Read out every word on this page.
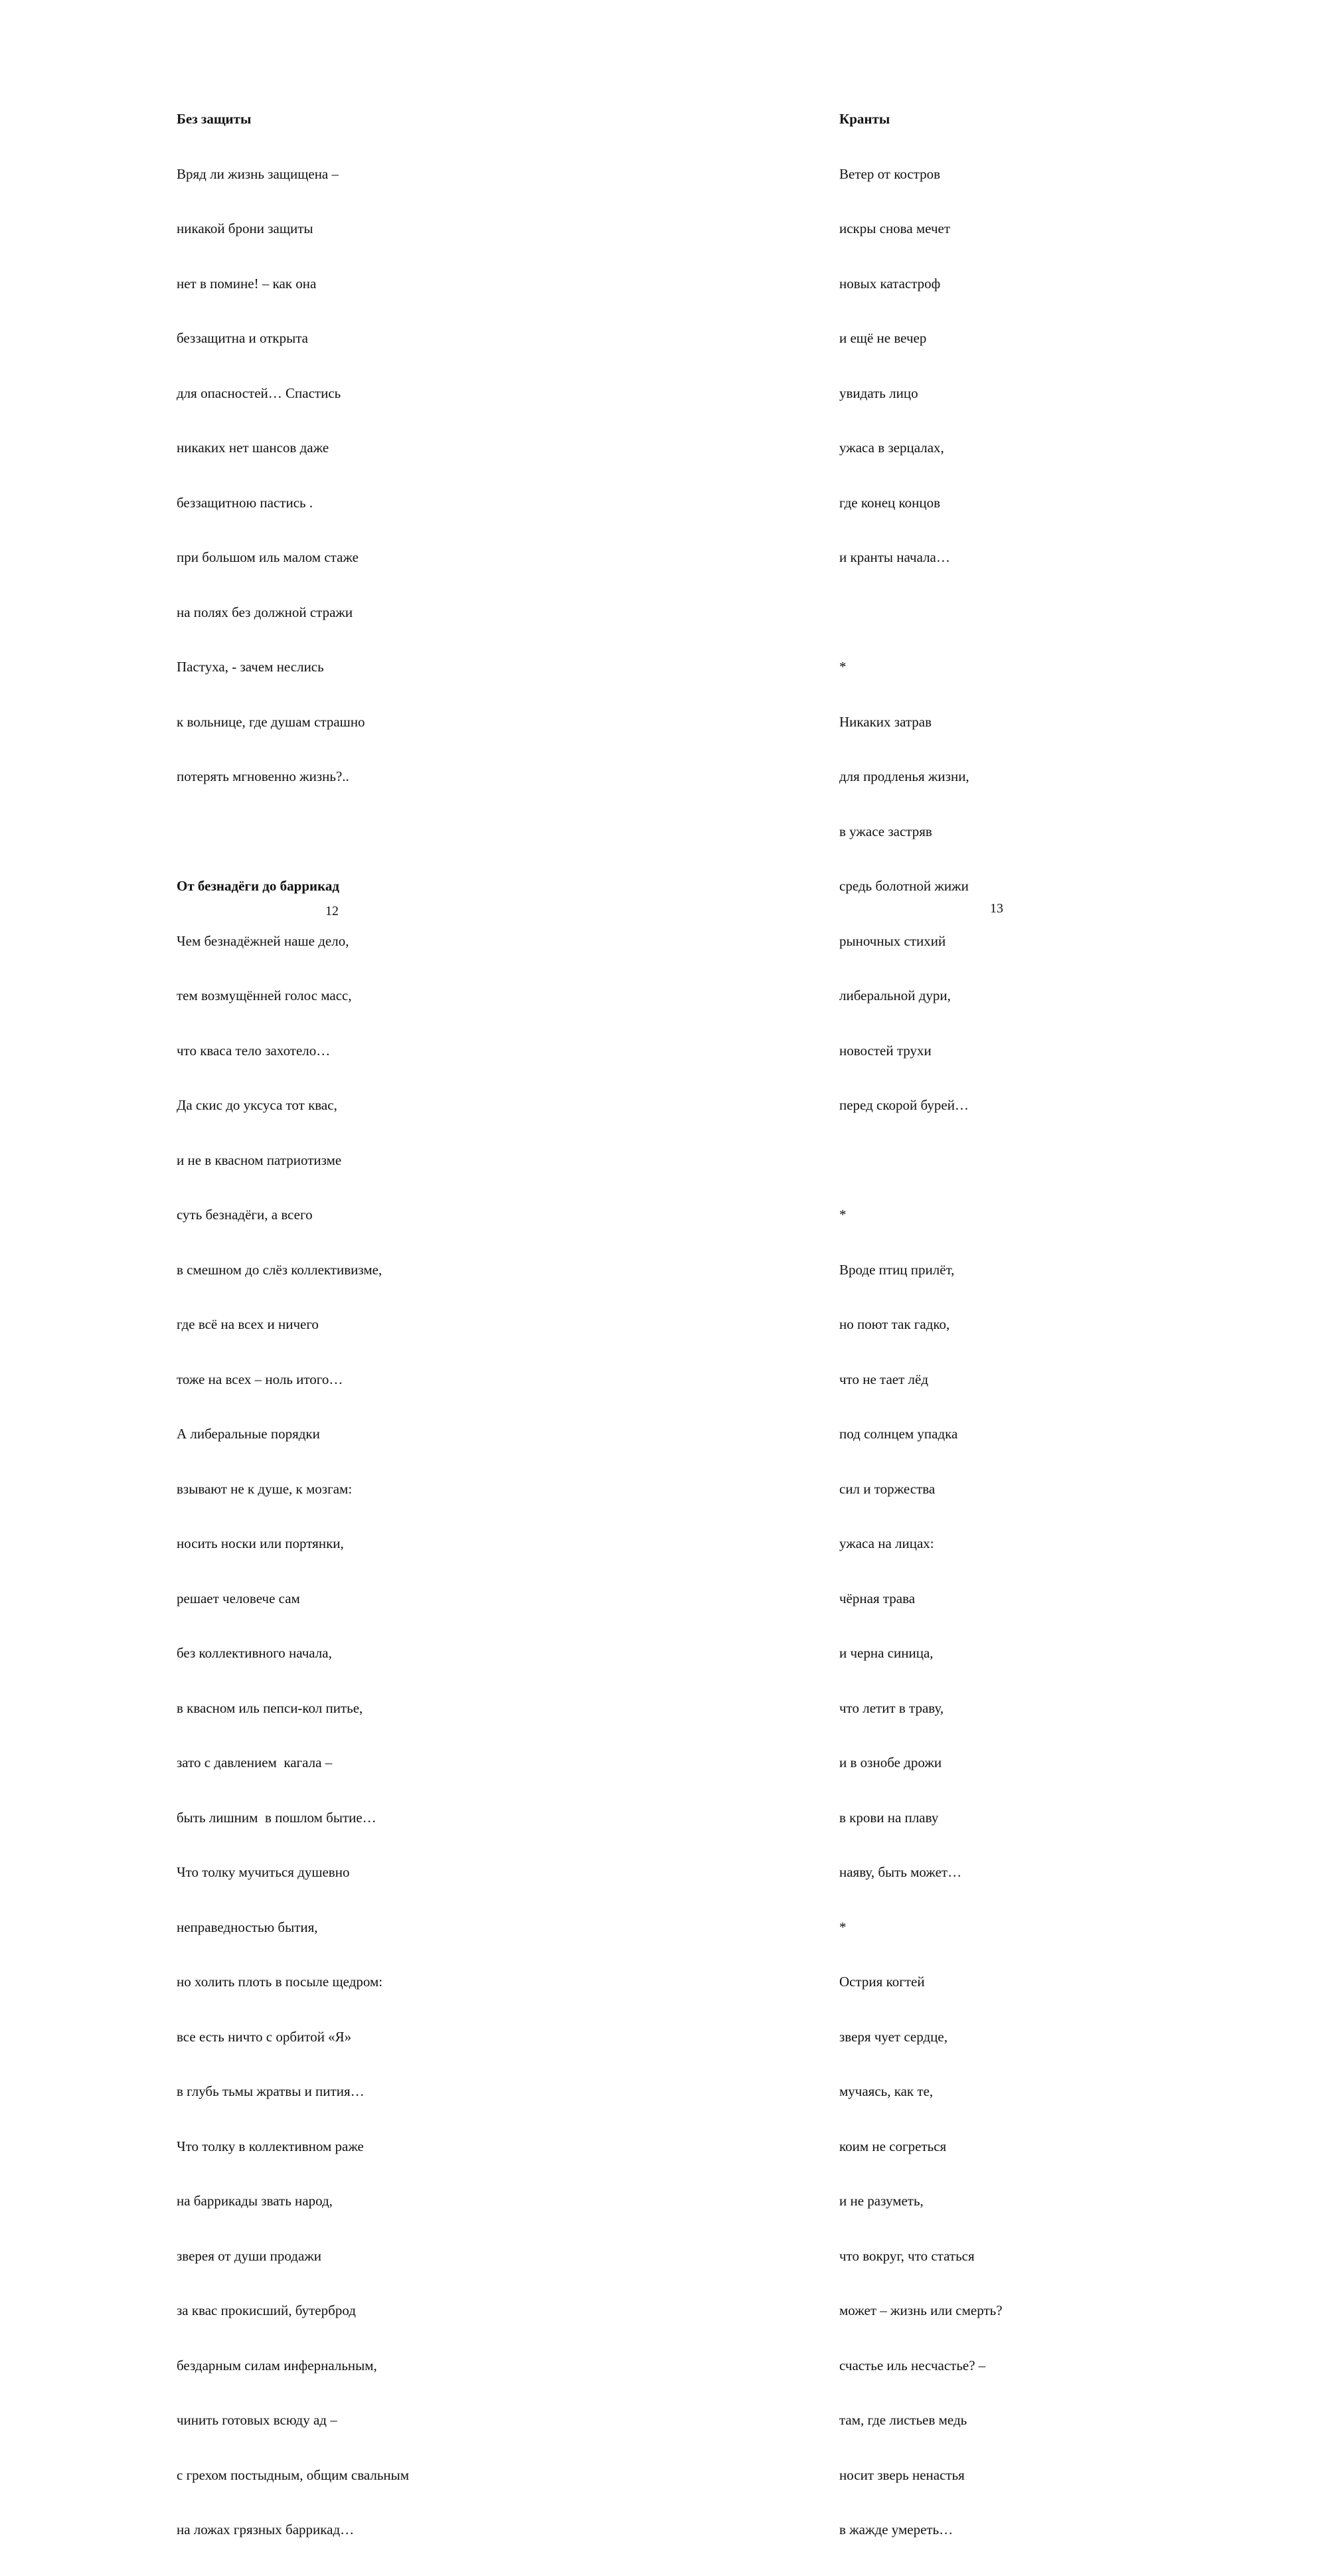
Без защиты

Вряд ли жизнь защищена –

никакой брони защиты

нет в помине! – как она

беззащитна и открыта

для опасностей… Спастись

никаких нет шансов даже

беззащитною пастись .

при большом иль малом стаже

на полях без должной стражи

Пастуха, - зачем неслись

к вольнице, где душам страшно

потерять мгновенно жизнь?..

От безнадёги до баррикад

Чем безнадёжней наше дело,

тем возмущённей голос масс,

что кваса тело захотело…

Да скис до уксуса тот квас,

и не в квасном патриотизме

суть безнадёги, а всего

в смешном до слёз коллективизме,

где всё на всех и ничего

тоже на всех – ноль итого…

А либеральные порядки

взывают не к душе, к мозгам:

носить носки или портянки,

решает человече сам

без коллективного начала,

в квасном иль пепси-кол питье,

зато с давлением  кагала –

быть лишним  в пошлом бытие…

Что толку мучиться душевно

неправедностью бытия,

но холить плоть в посыле щедром:

все есть ничто с орбитой «Я»

в глубь тьмы жратвы и пития…

Что толку в коллективном раже

на баррикады звать народ,

зверея от души продажи

за квас прокисший, бутерброд

бездарным силам инфернальным,

чинить готовых всюду ад –

с грехом постыдным, общим свальным

на ложах грязных баррикад…

12

Кранты

Ветер от костров

искры снова мечет

новых катастроф

и ещё не вечер

увидать лицо

ужаса в зерцалах,

где конец концов

и кранты начала…

*

Никаких затрав

для продленья жизни,

в ужасе застряв

средь болотной жижи

рыночных стихий

либеральной дури,

новостей трухи

перед скорой бурей…

*

Вроде птиц прилёт,

но поют так гадко,

что не тает лёд

под солнцем упадка

сил и торжества

ужаса на лицах:

чёрная трава

и черна синица,

что летит в траву,

и в ознобе дрожи

в крови на плаву

наяву, быть может…

*

Острия когтей

зверя чует сердце,

мучаясь, как те,

коим не согреться

и не разуметь,

что вокруг, что статься

может – жизнь или смерть?

счастье иль несчастье? –

там, где листьев медь

носит зверь ненастья

в жажде умереть…

13
